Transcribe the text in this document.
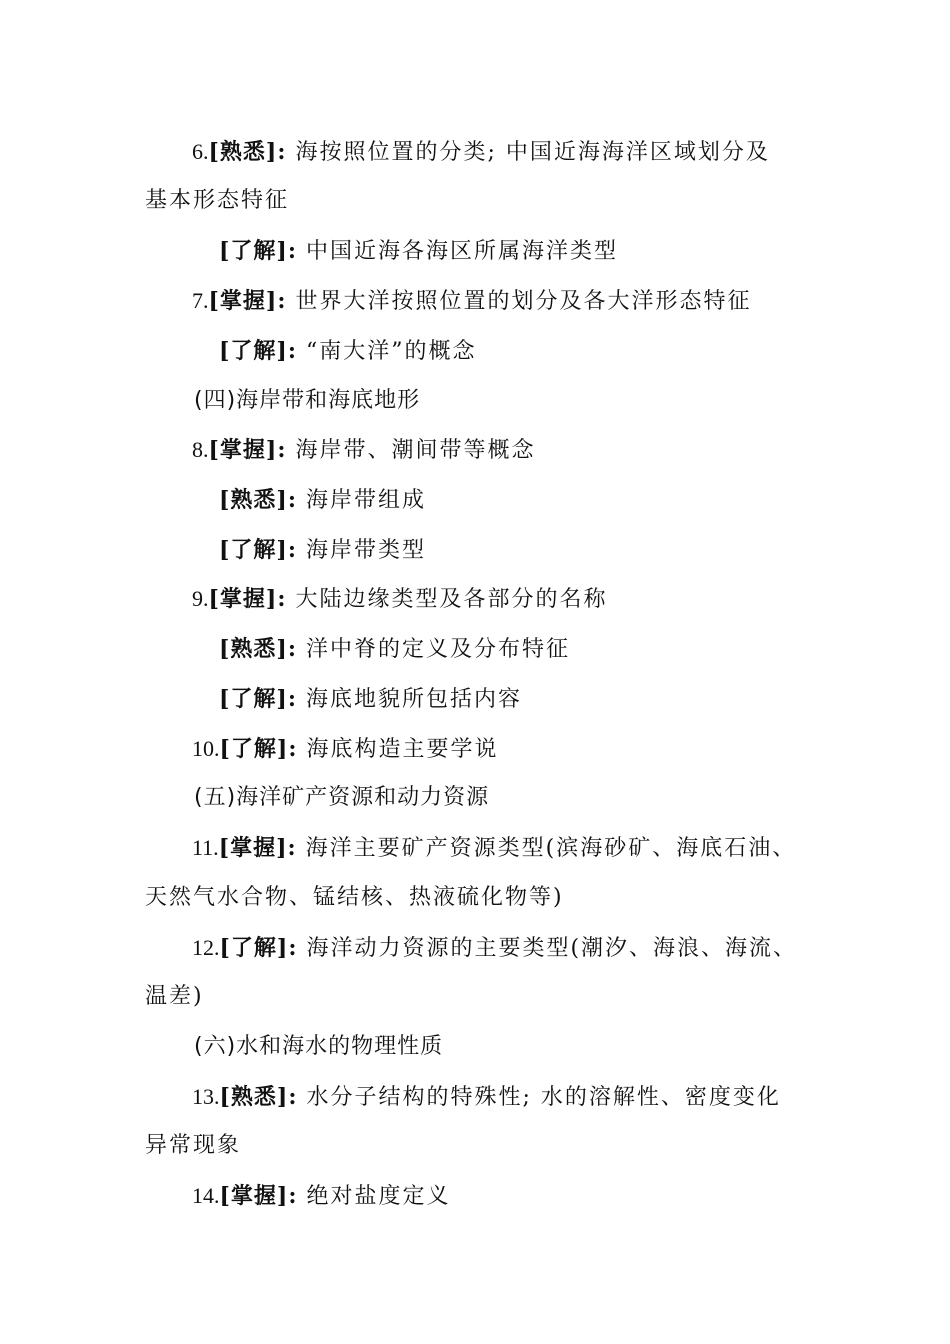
6.[熟悉]: 海按照位置的分类; 中国近海海洋区域划分及
基本形态特征
[了解]: 中国近海各海区所属海洋类型
7.[掌握]: 世界大洋按照位置的划分及各大洋形态特征
[了解]: “南大洋”的概念
(四)海岸带和海底地形
8.[掌握]: 海岸带、潮间带等概念
[熟悉]: 海岸带组成
[了解]: 海岸带类型
9.[掌握]: 大陆边缘类型及各部分的名称
[熟悉]: 洋中脊的定义及分布特征
[了解]: 海底地貌所包括内容
10.[了解]: 海底构造主要学说
(五)海洋矿产资源和动力资源
11.[掌握]: 海洋主要矿产资源类型(滨海砂矿、海底石油、
天然气水合物、锰结核、热液硫化物等)
12.[了解]: 海洋动力资源的主要类型(潮汐、海浪、海流、
温差)
(六)水和海水的物理性质
13.[熟悉]: 水分子结构的特殊性; 水的溶解性、密度变化
异常现象
14.[掌握]: 绝对盐度定义
